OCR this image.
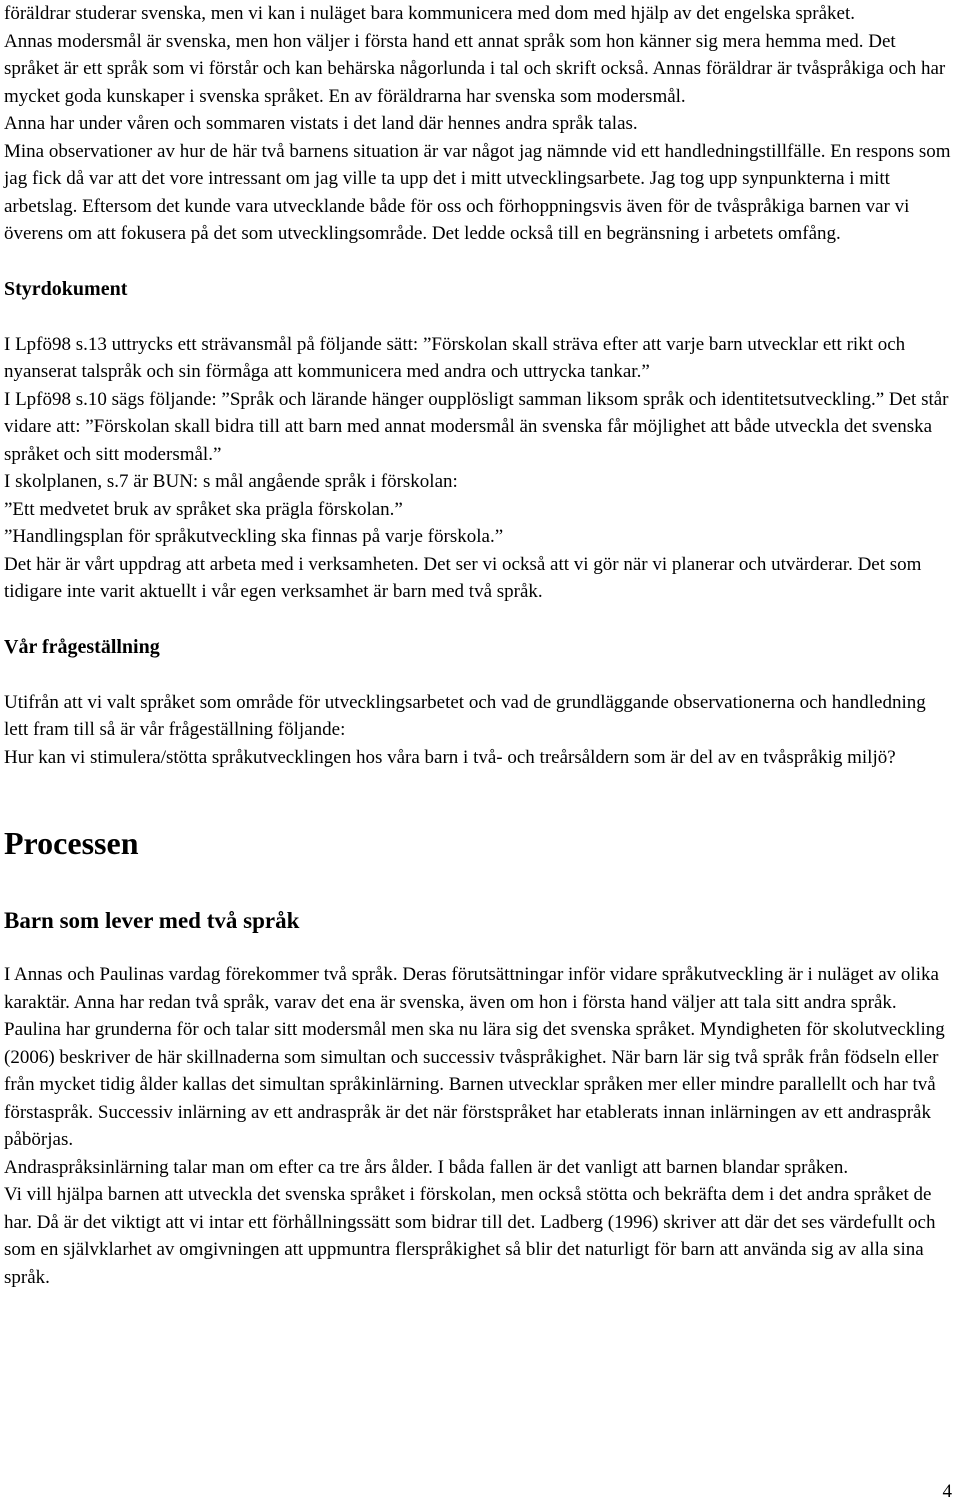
föräldrar studerar svenska, men vi kan i nuläget bara kommunicera med dom med hjälp av det engelska språket.

Annas modersmål är svenska, men hon väljer i första hand ett annat språk som hon känner sig mera hemma med. Det språket är ett språk som vi förstår och kan behärska någorlunda i tal och skrift också. Annas föräldrar är tvåspråkiga och har mycket goda kunskaper i svenska språket. En av föräldrarna har svenska som modersmål.

Anna har under våren och sommaren vistats i det land där hennes andra språk talas.

Mina observationer av hur de här två barnens situation är var något jag nämnde vid ett handledningstillfälle. En respons som jag fick då var att det vore intressant om jag ville ta upp det i mitt utvecklingsarbete. Jag tog upp synpunkterna i mitt arbetslag. Eftersom det kunde vara utvecklande både för oss och förhoppningsvis även för de tvåspråkiga barnen var vi överens om att fokusera på det som utvecklingsområde. Det ledde också till en begränsning i arbetets omfång.

Styrdokument

I Lpfö98 s.13 uttrycks ett strävansmål på följande sätt: ”Förskolan skall sträva efter att varje barn utvecklar ett rikt och nyanserat talspråk och sin förmåga att kommunicera med andra och uttrycka tankar.”

I Lpfö98 s.10 sägs följande: ”Språk och lärande hänger oupplösligt samman liksom språk och identitetsutveckling.” Det står vidare att: ”Förskolan skall bidra till att barn med annat modersmål än svenska får möjlighet att både utveckla det svenska språket och sitt modersmål.”

I skolplanen, s.7 är BUN: s mål angående språk i förskolan:

”Ett medvetet bruk av språket ska prägla förskolan.”

”Handlingsplan för språkutveckling ska finnas på varje förskola.”

Det här är vårt uppdrag att arbeta med i verksamheten. Det ser vi också att vi gör när vi planerar och utvärderar. Det som tidigare inte varit aktuellt i vår egen verksamhet är barn med två språk.

Vår frågeställning

Utifrån att vi valt språket som område för utvecklingsarbetet och vad de grundläggande observationerna och handledning lett fram till så är vår frågeställning följande:

Hur kan vi stimulera/stötta språkutvecklingen hos våra barn i två- och treårsåldern som är del av en tvåspråkig miljö?

Processen
Barn som lever med två språk

I Annas och Paulinas vardag förekommer två språk. Deras förutsättningar inför vidare språkutveckling är i nuläget av olika karaktär. Anna har redan två språk, varav det ena är svenska, även om hon i första hand väljer att tala sitt andra språk. Paulina har grunderna för och talar sitt modersmål men ska nu lära sig det svenska språket. Myndigheten för skolutveckling (2006) beskriver de här skillnaderna som simultan och successiv tvåspråkighet. När barn lär sig två språk från födseln eller från mycket tidig ålder kallas det simultan språkinlärning. Barnen utvecklar språken mer eller mindre parallellt och har två förstaspråk. Successiv inlärning av ett andraspråk är det när förstspråket har etablerats innan inlärningen av ett andraspråk påbörjas.

Andraspråksinlärning talar man om efter ca tre års ålder. I båda fallen är det vanligt att barnen blandar språken.

Vi vill hjälpa barnen att utveckla det svenska språket i förskolan, men också stötta och bekräfta dem i det andra språket de har. Då är det viktigt att vi intar ett förhållningssätt som bidrar till det. Ladberg (1996) skriver att där det ses värdefullt och som en självklarhet av omgivningen att uppmuntra flerspråkighet så blir det naturligt för barn att använda sig av alla sina språk.

4
